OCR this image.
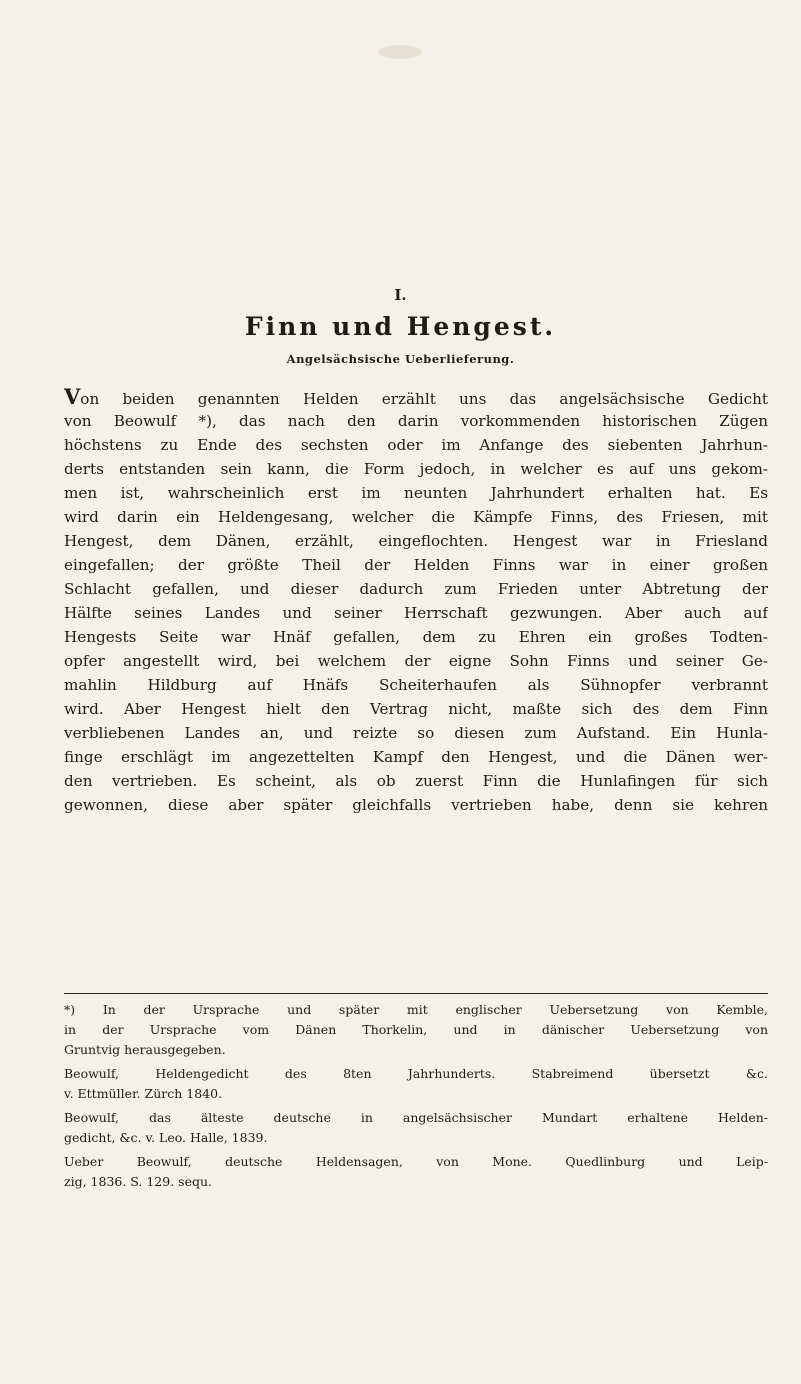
I.
Finn und Hengest.
Angelsächsische Ueberlieferung.
Von beiden genannten Helden erzählt uns das angelsächsische Gedicht
von Beowulf *), das nach den darin vorkommenden historischen Zügen
höchstens zu Ende des sechsten oder im Anfange des siebenten Jahrhun-
derts entstanden sein kann, die Form jedoch, in welcher es auf uns gekom-
men ist, wahrscheinlich erst im neunten Jahrhundert erhalten hat. Es
wird darin ein Heldengesang, welcher die Kämpfe Finns, des Friesen, mit
Hengest, dem Dänen, erzählt, eingeflochten. Hengest war in Friesland
eingefallen; der größte Theil der Helden Finns war in einer großen
Schlacht gefallen, und dieser dadurch zum Frieden unter Abtretung der
Hälfte seines Landes und seiner Herrschaft gezwungen. Aber auch auf
Hengests Seite war Hnäf gefallen, dem zu Ehren ein großes Todten-
opfer angestellt wird, bei welchem der eigne Sohn Finns und seiner Ge-
mahlin Hildburg auf Hnäfs Scheiterhaufen als Sühnopfer verbrannt
wird. Aber Hengest hielt den Vertrag nicht, maßte sich des dem Finn
verbliebenen Landes an, und reizte so diesen zum Aufstand. Ein Hunla-
finge erschlägt im angezettelten Kampf den Hengest, und die Dänen wer-
den vertrieben. Es scheint, als ob zuerst Finn die Hunlafingen für sich
gewonnen, diese aber später gleichfalls vertrieben habe, denn sie kehren
*) In der Ursprache und später mit englischer Uebersetzung von Kemble,
in der Ursprache vom Dänen Thorkelin, und in dänischer Uebersetzung von
Gruntvig herausgegeben.
Beowulf, Heldengedicht des 8ten Jahrhunderts. Stabreimend übersetzt &c.
v. Ettmüller. Zürch 1840.
Beowulf, das älteste deutsche in angelsächsischer Mundart erhaltene Helden-
gedicht, &c. v. Leo. Halle, 1839.
Ueber Beowulf, deutsche Heldensagen, von Mone. Quedlinburg und Leip-
zig, 1836. S. 129. sequ.
